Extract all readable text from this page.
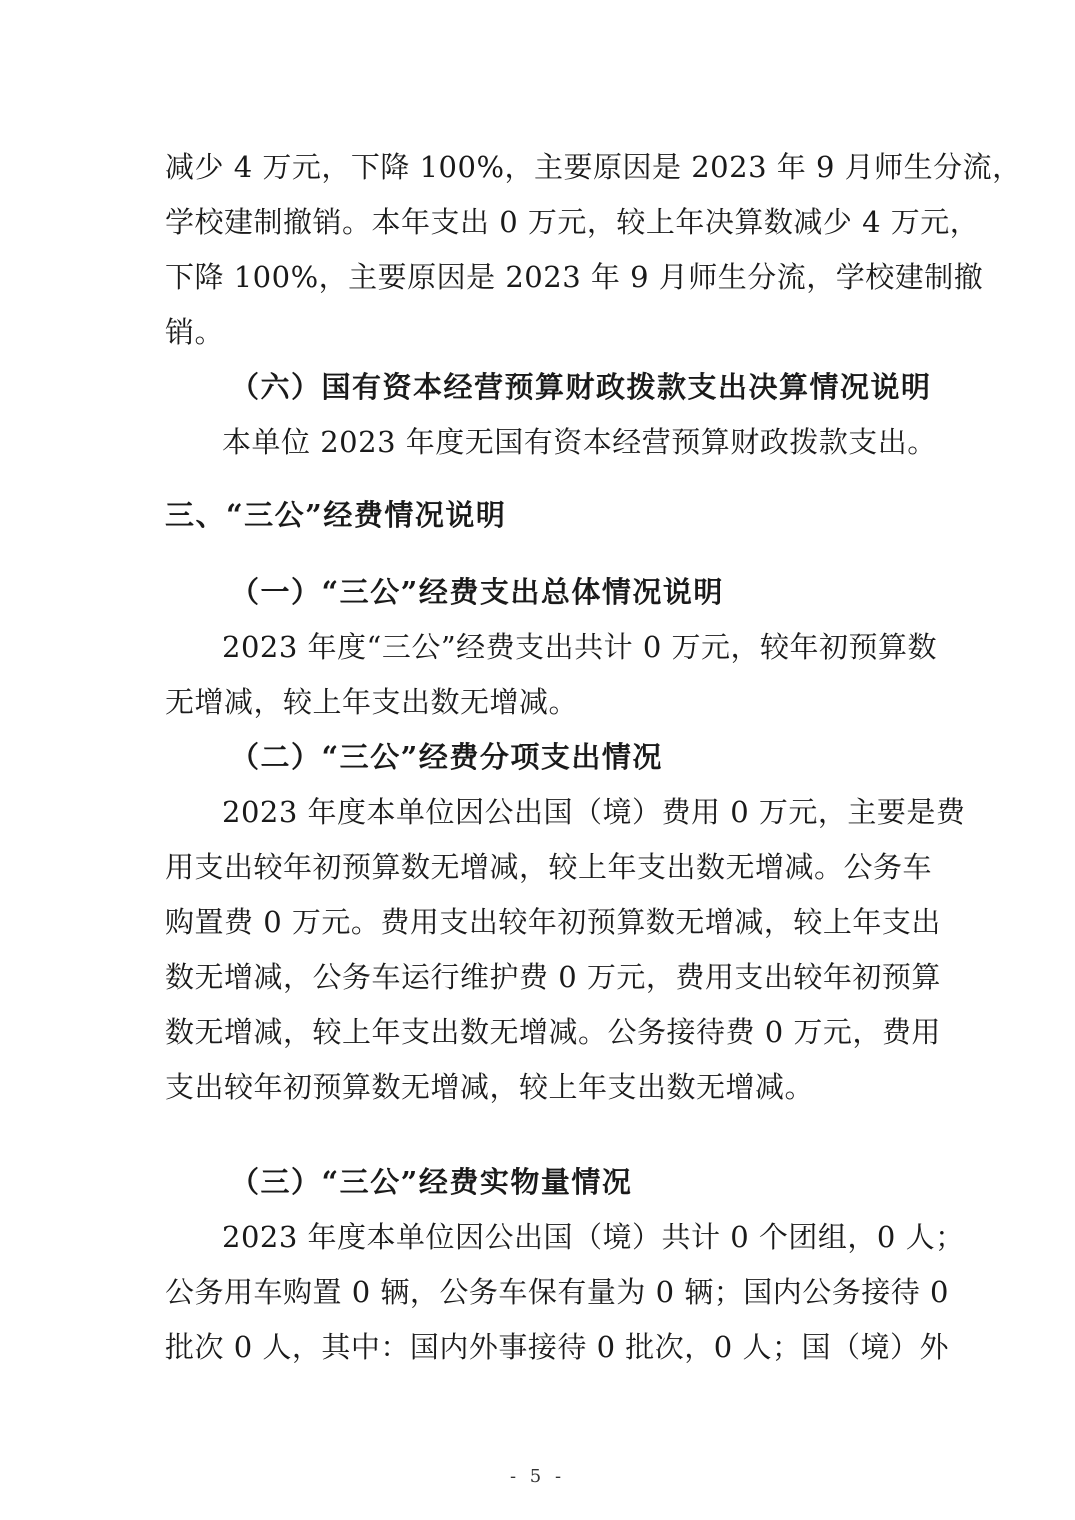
减少 4 万元，下降 100%，主要原因是 2023 年 9 月师生分流，
学校建制撤销。本年支出 0 万元，较上年决算数减少 4 万元，
下降 100%，主要原因是 2023 年 9 月师生分流，学校建制撤
销。
（六）国有资本经营预算财政拨款支出决算情况说明
本单位 2023 年度无国有资本经营预算财政拨款支出。
三、“三公”经费情况说明
（一）“三公”经费支出总体情况说明
2023 年度“三公”经费支出共计 0 万元，较年初预算数
无增减，较上年支出数无增减。
（二）“三公”经费分项支出情况
2023 年度本单位因公出国（境）费用 0 万元，主要是费
用支出较年初预算数无增减，较上年支出数无增减。公务车
购置费 0 万元。费用支出较年初预算数无增减，较上年支出
数无增减，公务车运行维护费 0 万元，费用支出较年初预算
数无增减，较上年支出数无增减。公务接待费 0 万元，费用
支出较年初预算数无增减，较上年支出数无增减。
（三）“三公”经费实物量情况
2023 年度本单位因公出国（境）共计 0 个团组，0 人；
公务用车购置 0 辆，公务车保有量为 0 辆；国内公务接待 0
批次 0 人，其中：国内外事接待 0 批次，0 人；国（境）外
- 5 -
